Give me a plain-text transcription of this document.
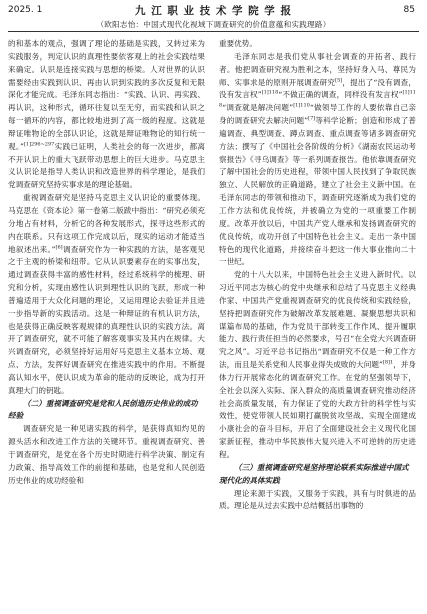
2025. 1	九 江 职 业 技 术 学 院 学 报	85
（欧阳志怡：中国式现代化视域下调查研究的价值意蕴和实践理路）

的和基本的观点，强调了理论的基础是实践，又转过来为实践服务，判定认识的真理性要依客观上的社会实践结果来确定。认识是连接实践与思想的桥梁。人对世界的认识需要经由实践到认识、再由认识到实践的多次反复和无限深化才能完成。毛泽东同志指出：“实践、认识、再实践、再认识，这种形式，循环往复以至无穷，而实践和认识之每一循环的内容，都比较地进到了高一级的程度。这就是辩证唯物论的全部认识论，这就是辩证唯物论的知行统一观。”$^{[1]296\sim 297}$实践已证明，人类社会的每一次进步，都离不开认识上的重大飞跃带动思想上的巨大进步。马克思主义认识论是指导人类认识和改造世界的科学理论，是我们党调查研究坚持实事求是的理论基础。

重视调查研究是坚持马克思主义认识论的重要体现。马克思在《资本论》第一卷第二版跋中指出：“研究必须充分地占有材料，分析它的各种发展形式，探寻这些形式的内在联系。只有这项工作完成以后，现实的运动才能适当地叙述出来。”[6]调查研究作为一种实践的方法，是客观见之于主观的桥梁和纽带。它从认识要素存在的实事出发，通过调查获得丰富的感性材料，经过系统科学的梳理、研究和分析，实现由感性认识到理性认识的飞跃，形成一种普遍适用于大众化问题的理论，又运用理论去验证并且进一步指导新的实践活动。这是一种辩证的有机认识方法，也是获得正确反映客观规律的真理性认识的实践方法。离开了调查研究，就不可能了解客观事实及其内在规律。大兴调查研究，必须坚持好运用好马克思主义基本立场、观点、方法，发挥好调查研究在推进实践中的作用。不断提高认知水平，使认识成为革命的能动的反映论，成为打开真理大门的钥匙。

（二）重视调查研究是党和人民创造历史伟业的成功经验

调查研究是一种见诸实践的科学，是获得真知灼见的源头活水和改进工作方法的关键环节。重视调查研究、善于调查研究，是党在各个历史时期进行科学决策、制定有力政策、指导高效工作的前提和基础，也是党和人民创造历史伟业的成功经验和

重要优势。

毛泽东同志是我们党从事社会调查的开拓者、践行者。他把调查研究视为胜利之本，坚持好身入马、尊民为师、实事求是的原则开展调查研究[5]，提出了“没有调查，没有发言权”$^{[1]118}$“不做正确的调查，同样没有发言权”$^{[1]118}$“调查就是解决问题”$^{[1]110}$“做领导工作的人要依靠自己亲身的调查研究去解决问题”[7]等科学论断；创造和形成了普遍调查、典型调查、蹲点调查、重点调查等诸多调查研究方法；撰写了《中国社会各阶级的分析》《湖南农民运动考察报告》《寻乌调查》等一系列调查报告。他依靠调查研究了解中国社会的历史进程，带领中国人民找到了争取民族独立、人民解放的正确道路，建立了社会主义新中国。在毛泽东同志的带领和推动下，调查研究逐渐成为我们党的工作方法和优良传统，并被确立为党的一项重要工作制度。改革开放以后，中国共产党人继承和发扬调查研究的优良传统，成功开创了中国特色社会主义。走出一条中国特色的现代化道路，并接续奋斗把这一伟大事业推向二十一世纪。

党的十八大以来，中国特色社会主义进入新时代。以习近平同志为核心的党中央继承和总结了马克思主义经典作家、中国共产党重视调查研究的优良传统和实践经验，坚持把调查研究作为破解改革发展难题、凝聚思想共识和谋篇布局的基础，作为党员干部转变工作作风、提升履职能力、践行责任担当的必然要求，号召“在全党大兴调查研究之风”。习近平总书记指出“调查研究不仅是一种工作方法，而且是关系党和人民事业得失成败的大问题”$^{[8]1}$，并身体力行开展常态化的调查研究工作。在党的坚强领导下，全社会以深入实际、深入群众的高质量调查研究推动经济社会高质量发展，有力保证了党的大政方针的科学性与实效性，使党带领人民如期打赢脱贫攻坚战、实现全面建成小康社会的奋斗目标，开启了全面建设社会主义现代化国家新征程，推动中华民族伟大复兴进入不可逆转的历史进程。

（三）重视调查研究是坚持理论联系实际推进中国式现代化的具体实践

理论来源于实践，又服务于实践，具有与时俱进的品质。理论是从过去实践中总结概括出事物的
